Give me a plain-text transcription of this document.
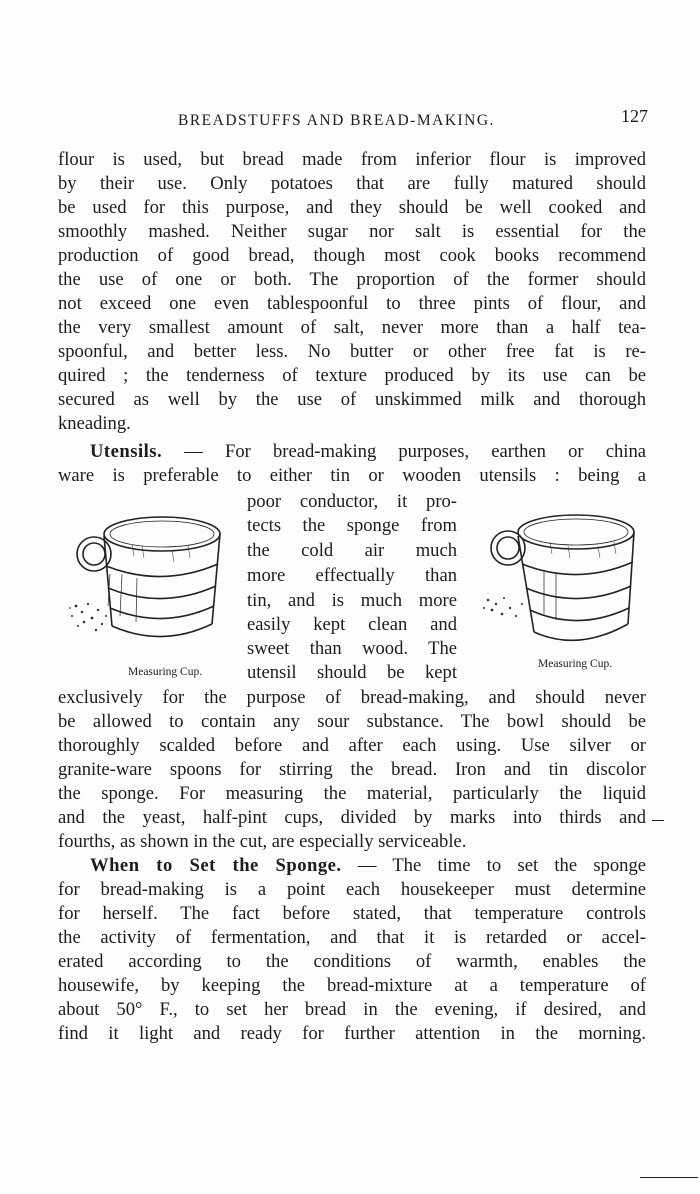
BREADSTUFFS AND BREAD-MAKING.	127
flour is used, but bread made from inferior flour is improved
by their use. Only potatoes that are fully matured should
be used for this purpose, and they should be well cooked and
smoothly mashed. Neither sugar nor salt is essential for the
production of good bread, though most cook books recommend
the use of one or both. The proportion of the former should
not exceed one even tablespoonful to three pints of flour, and
the very smallest amount of salt, never more than a half tea-
spoonful, and better less. No butter or other free fat is re-
quired ; the tenderness of texture produced by its use can be
secured as well by the use of unskimmed milk and thorough
kneading.
Utensils. — For bread-making purposes, earthen or china
ware is preferable to either tin or wooden utensils : being a
poor conductor, it pro-
tects the sponge from
the cold air much
more effectually than
tin, and is much more
easily kept clean and
sweet than wood. The
utensil should be kept
Measuring Cup.
Measuring Cup.
exclusively for the purpose of bread-making, and should never
be allowed to contain any sour substance. The bowl should be
thoroughly scalded before and after each using. Use silver or
granite-ware spoons for stirring the bread. Iron and tin discolor
the sponge. For measuring the material, particularly the liquid
and the yeast, half-pint cups, divided by marks into thirds and
fourths, as shown in the cut, are especially serviceable.
When to Set the Sponge. — The time to set the sponge
for bread-making is a point each housekeeper must determine
for herself. The fact before stated, that temperature controls
the activity of fermentation, and that it is retarded or accel-
erated according to the conditions of warmth, enables the
housewife, by keeping the bread-mixture at a temperature of
about 50° F., to set her bread in the evening, if desired, and
find it light and ready for further attention in the morning.
